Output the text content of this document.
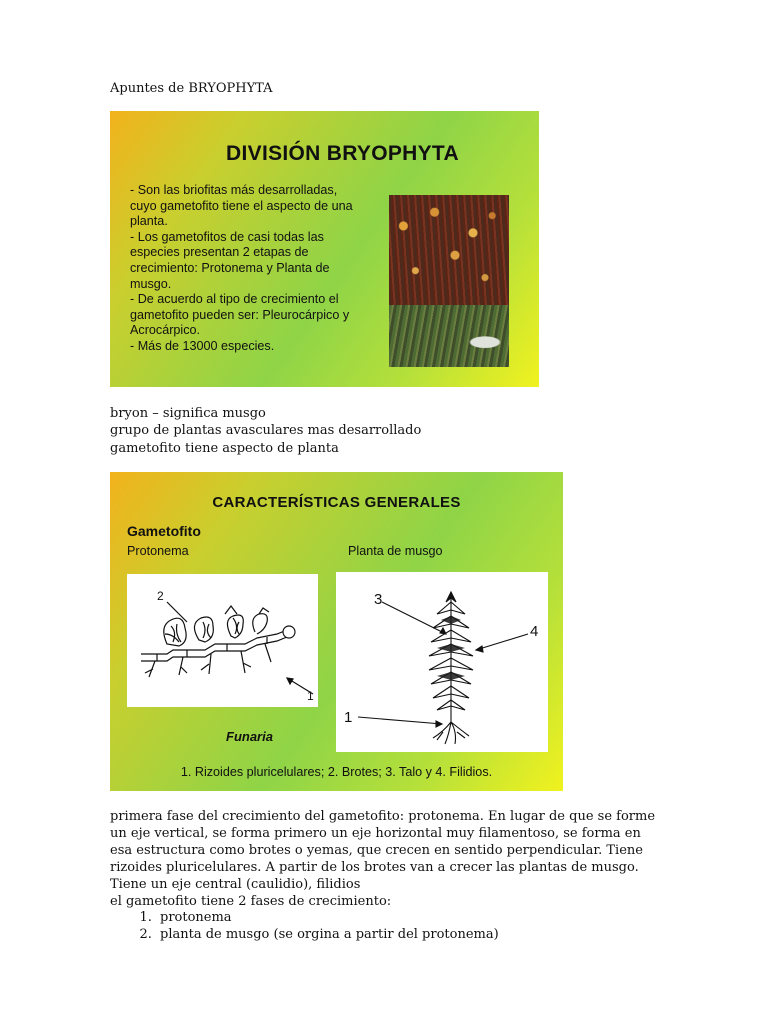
Apuntes de BRYOPHYTA
DIVISIÓN BRYOPHYTA
- Son las briofitas más desarrolladas,
cuyo gametofito tiene el aspecto de una
planta.
- Los gametofitos de casi todas las
especies presentan 2 etapas de
crecimiento: Protonema y Planta de
musgo.
- De acuerdo al tipo de crecimiento el
gametofito pueden ser: Pleurocárpico y
Acrocárpico.
- Más de 13000 especies.
bryon – significa musgo
grupo de plantas avasculares mas desarrollado
gametofito tiene aspecto de planta
CARACTERÍSTICAS GENERALES
Gametofito
Protonema	Planta de musgo
2
1
3
4
1
Funaria
1. Rizoides pluricelulares; 2. Brotes; 3. Talo y 4. Filidios.
primera fase del crecimiento del gametofito: protonema. En lugar de que se forme
un eje vertical, se forma primero un eje horizontal muy filamentoso, se forma en
esa estructura como brotes o yemas, que crecen en sentido perpendicular. Tiene
rizoides pluricelulares. A partir de los brotes van a crecer las plantas de musgo.
Tiene un eje central (caulidio), filidios
el gametofito tiene 2 fases de crecimiento:
1. protonema
2. planta de musgo (se orgina a partir del protonema)
